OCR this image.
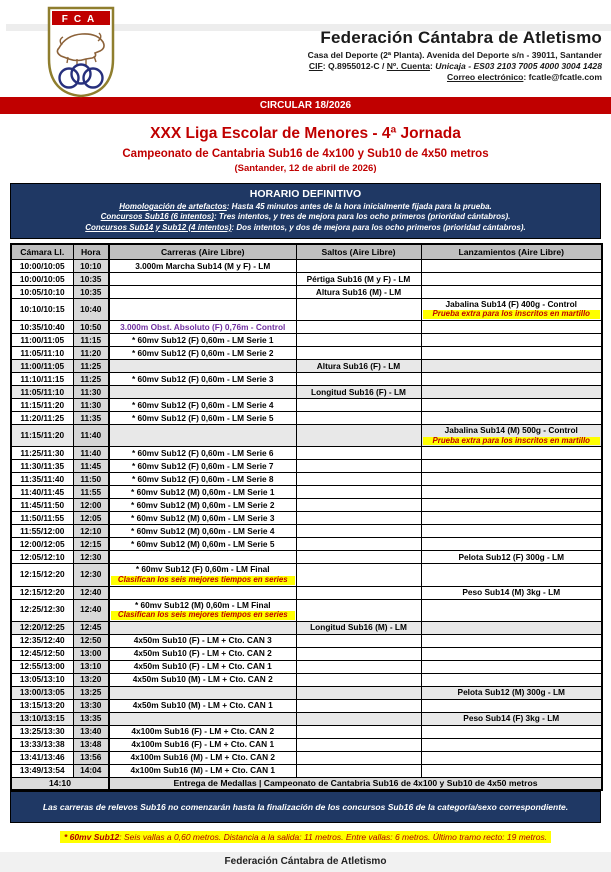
FCA
Federación Cántabra de Atletismo
Casa del Deporte (2ª Planta). Avenida del Deporte s/n - 39011, Santander
CIF: Q.8955012-C / Nº. Cuenta: Unicaja - ES03 2103 7005 4000 3004 1428
Correo electrónico: fcatle@fcatle.com
CIRCULAR 18/2026
XXX Liga Escolar de Menores - 4ª Jornada
Campeonato de Cantabria Sub16 de 4x100 y Sub10 de 4x50 metros
(Santander, 12 de abril de 2026)
HORARIO DEFINITIVO
Homologación de artefactos: Hasta 45 minutos antes de la hora inicialmente fijada para la prueba.
Concursos Sub16 (6 intentos): Tres intentos, y tres de mejora para los ocho primeros (prioridad cántabros).
Concursos Sub14 y Sub12 (4 intentos): Dos intentos, y dos de mejora para los ocho primeros (prioridad cántabros).
Cámara Ll.	Hora	Carreras (Aire Libre)	Saltos (Aire Libre)	Lanzamientos (Aire Libre)
10:00/10:05	10:10	3.000m Marcha Sub14 (M y F) - LM		

10:00/10:05	10:35		Pértiga Sub16 (M y F) - LM	

10:05/10:10	10:35		Altura Sub16 (M) - LM	

10:10/10:15	10:40			Jabalina Sub14 (F) 400g - Control
Prueba extra para los inscritos en martillo

10:35/10:40	10:50	3.000m Obst. Absoluto (F) 0,76m - Control		

11:00/11:05	11:15	* 60mv Sub12 (F) 0,60m - LM Serie 1		

11:05/11:10	11:20	* 60mv Sub12 (F) 0,60m - LM Serie 2		

11:00/11:05	11:25		Altura Sub16 (F) - LM	

11:10/11:15	11:25	* 60mv Sub12 (F) 0,60m - LM Serie 3		

11:05/11:10	11:30		Longitud Sub16 (F) - LM	

11:15/11:20	11:30	* 60mv Sub12 (F) 0,60m - LM Serie 4		

11:20/11:25	11:35	* 60mv Sub12 (F) 0,60m - LM Serie 5		

11:15/11:20	11:40			Jabalina Sub14 (M) 500g - Control
Prueba extra para los inscritos en martillo

11:25/11:30	11:40	* 60mv Sub12 (F) 0,60m - LM Serie 6		

11:30/11:35	11:45	* 60mv Sub12 (F) 0,60m - LM Serie 7		

11:35/11:40	11:50	* 60mv Sub12 (F) 0,60m - LM Serie 8		

11:40/11:45	11:55	* 60mv Sub12 (M) 0,60m - LM Serie 1		

11:45/11:50	12:00	* 60mv Sub12 (M) 0,60m - LM Serie 2		

11:50/11:55	12:05	* 60mv Sub12 (M) 0,60m - LM Serie 3		

11:55/12:00	12:10	* 60mv Sub12 (M) 0,60m - LM Serie 4		

12:00/12:05	12:15	* 60mv Sub12 (M) 0,60m - LM Serie 5		

12:05/12:10	12:30			Pelota Sub12 (F) 300g - LM

12:15/12:20	12:30	* 60mv Sub12 (F) 0,60m - LM Final
Clasifican los seis mejores tiempos en series		

12:15/12:20	12:40			Peso Sub14 (M) 3kg - LM

12:25/12:30	12:40	* 60mv Sub12 (M) 0,60m - LM Final
Clasifican los seis mejores tiempos en series		

12:20/12:25	12:45		Longitud Sub16 (M) - LM	

12:35/12:40	12:50	4x50m Sub10 (F) - LM + Cto. CAN 3		

12:45/12:50	13:00	4x50m Sub10 (F) - LM + Cto. CAN 2		

12:55/13:00	13:10	4x50m Sub10 (F) - LM + Cto. CAN 1		

13:05/13:10	13:20	4x50m Sub10 (M) - LM + Cto. CAN 2		

13:00/13:05	13:25			Pelota Sub12 (M) 300g - LM

13:15/13:20	13:30	4x50m Sub10 (M) - LM + Cto. CAN 1		

13:10/13:15	13:35			Peso Sub14 (F) 3kg - LM

13:25/13:30	13:40	4x100m Sub16 (F) - LM + Cto. CAN 2		

13:33/13:38	13:48	4x100m Sub16 (F) - LM + Cto. CAN 1		

13:41/13:46	13:56	4x100m Sub16 (M) - LM + Cto. CAN 2		

13:49/13:54	14:04	4x100m Sub16 (M) - LM + Cto. CAN 1		

14:10		Entrega de Medallas | Campeonato de Cantabria Sub16 de 4x100 y Sub10 de 4x50 metros		
Las carreras de relevos Sub16 no comenzarán hasta la finalización de los concursos Sub16 de la categoría/sexo correspondiente.
* 60mv Sub12: Seis vallas a 0,60 metros. Distancia a la salida: 11 metros. Entre vallas: 6 metros. Último tramo recto: 19 metros.
Federación Cántabra de Atletismo
